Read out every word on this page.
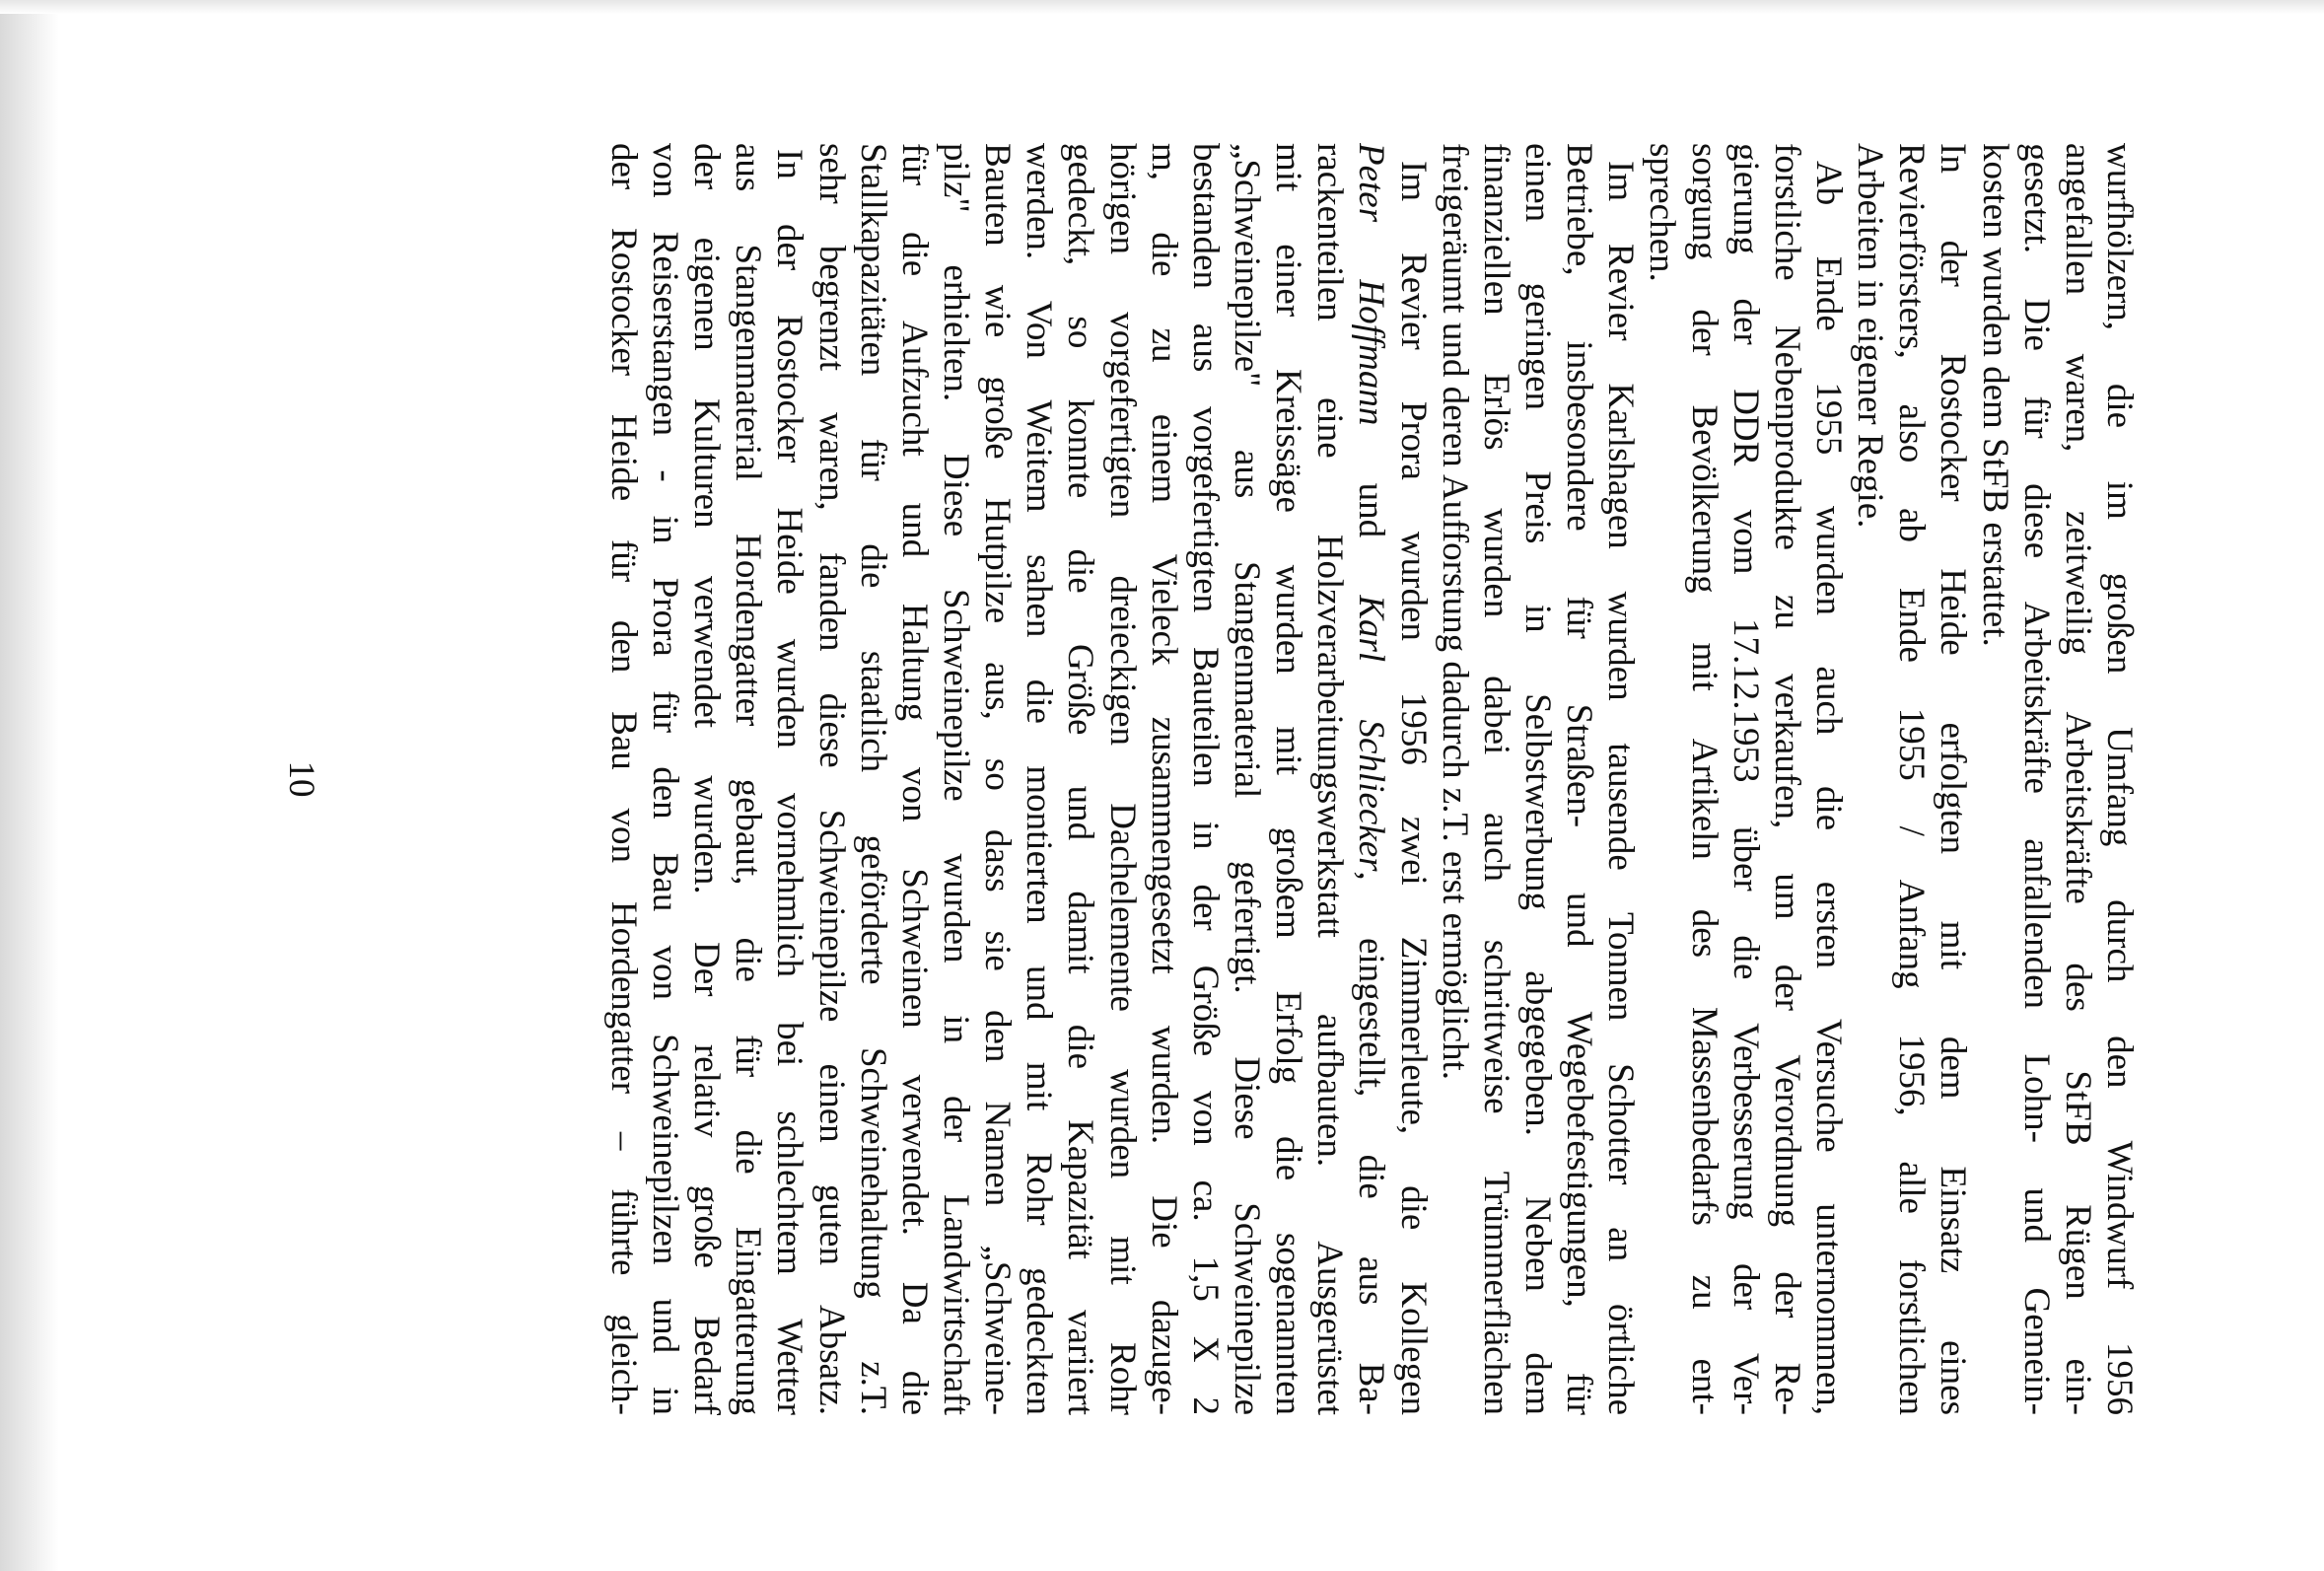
wurfhölzern, die im großen Umfang durch den Windwurf 1956
angefallen waren, zeitweilig Arbeitskräfte des StFB Rügen ein-
gesetzt. Die für diese Arbeitskräfte anfallenden Lohn- und Gemein-
kosten wurden dem StFB erstattet.
In der Rostocker Heide erfolgten mit dem Einsatz eines
Revierförsters, also ab Ende 1955 / Anfang 1956, alle forstlichen
Arbeiten in eigener Regie.
Ab Ende 1955 wurden auch die ersten Versuche unternommen,
forstliche Nebenprodukte zu verkaufen, um der Verordnung der Re-
gierung der DDR vom 17.12.1953 über die Verbesserung der Ver-
sorgung der Bevölkerung mit Artikeln des Massenbedarfs zu ent-
sprechen.
Im Revier Karlshagen wurden tausende Tonnen Schotter an örtliche
Betriebe, insbesondere für Straßen- und Wegebefestigungen, für
einen geringen Preis in Selbstwerbung abgegeben. Neben dem
finanziellen Erlös wurden dabei auch schrittweise Trümmerflächen
freigeräumt und deren Aufforstung dadurch z.T. erst ermöglicht.
Im Revier Prora wurden 1956 zwei Zimmerleute, die Kollegen
Peter Hoffmann und Karl Schliecker, eingestellt, die aus Ba-
rackenteilen eine Holzverarbeitungswerkstatt aufbauten. Ausgerüstet
mit einer Kreissäge wurden mit großem Erfolg die sogenannten
„Schweinepilze" aus Stangenmaterial gefertigt. Diese Schweinepilze
bestanden aus vorgefertigten Bauteilen in der Größe von ca. 1,5 X 2
m, die zu einem Vieleck zusammengesetzt wurden. Die dazuge-
hörigen vorgefertigten dreieckigen Dachelemente wurden mit Rohr
gedeckt, so konnte die Größe und damit die Kapazität variiert
werden. Von Weitem sahen die montierten und mit Rohr gedeckten
Bauten wie große Hutpilze aus, so dass sie den Namen „Schweine-
pilz" erhielten. Diese Schweinepilze wurden in der Landwirtschaft
für die Aufzucht und Haltung von Schweinen verwendet. Da die
Stallkapazitäten für die staatlich geförderte Schweinehaltung z.T.
sehr begrenzt waren, fanden diese Schweinepilze einen guten Absatz.
In der Rostocker Heide wurden vornehmlich bei schlechtem Wetter
aus Stangenmaterial Hordengatter gebaut, die für die Eingatterung
der eigenen Kulturen verwendet wurden. Der relativ große Bedarf
von Reiserstangen - in Prora für den Bau von Schweinepilzen und in
der Rostocker Heide für den Bau von Hordengatter – führte gleich-
10
